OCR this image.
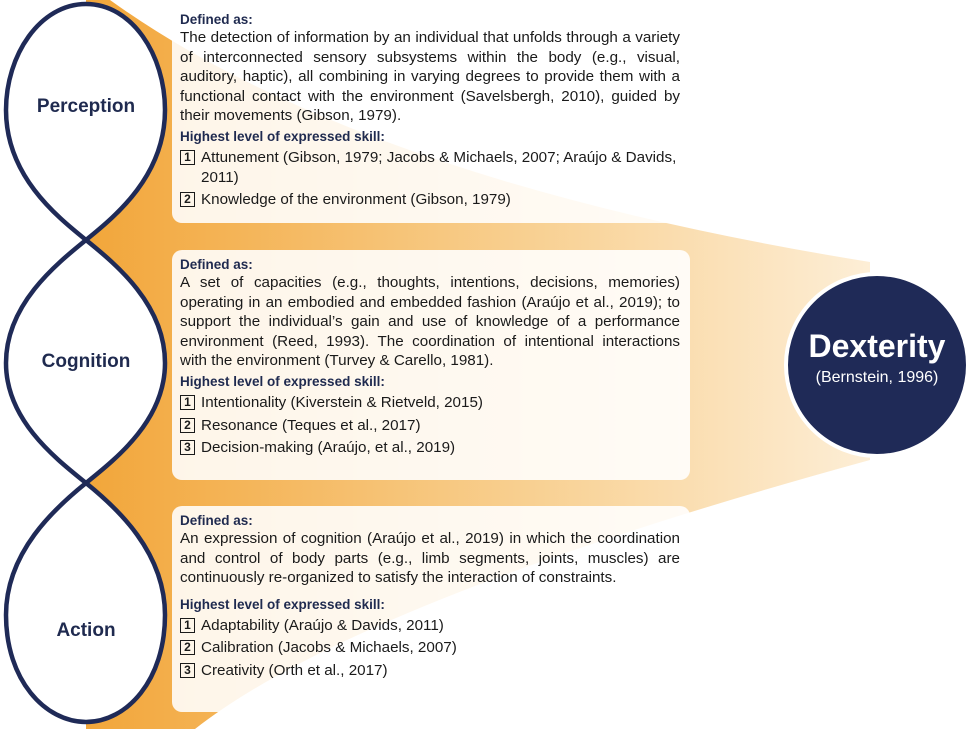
Perception
Cognition
Action
Defined as:
The detection of information by an individual that unfolds through a variety of interconnected sensory subsystems within the body (e.g., visual, auditory, haptic), all combining in varying degrees to provide them with a functional contact with the environment (Savelsbergh, 2010), guided by their movements (Gibson, 1979).
Highest level of expressed skill:
1 Attunement (Gibson, 1979; Jacobs & Michaels, 2007; Araújo & Davids, 2011)
2 Knowledge of the environment (Gibson, 1979)
Defined as:
A set of capacities (e.g., thoughts, intentions, decisions, memories) operating in an embodied and embedded fashion (Araújo et al., 2019); to support the individual’s gain and use of knowledge of a performance environment (Reed, 1993). The coordination of intentional interactions with the environment (Turvey & Carello, 1981).
Highest level of expressed skill:
1 Intentionality (Kiverstein & Rietveld, 2015)
2 Resonance (Teques et al., 2017)
3 Decision-making (Araújo, et al., 2019)
Defined as:
An expression of cognition (Araújo et al., 2019) in which the coordination and control of body parts (e.g., limb segments, joints, muscles) are continuously re-organized to satisfy the interaction of constraints.
Highest level of expressed skill:
1 Adaptability (Araújo & Davids, 2011)
2 Calibration (Jacobs & Michaels, 2007)
3 Creativity (Orth et al., 2017)
Dexterity
(Bernstein, 1996)
